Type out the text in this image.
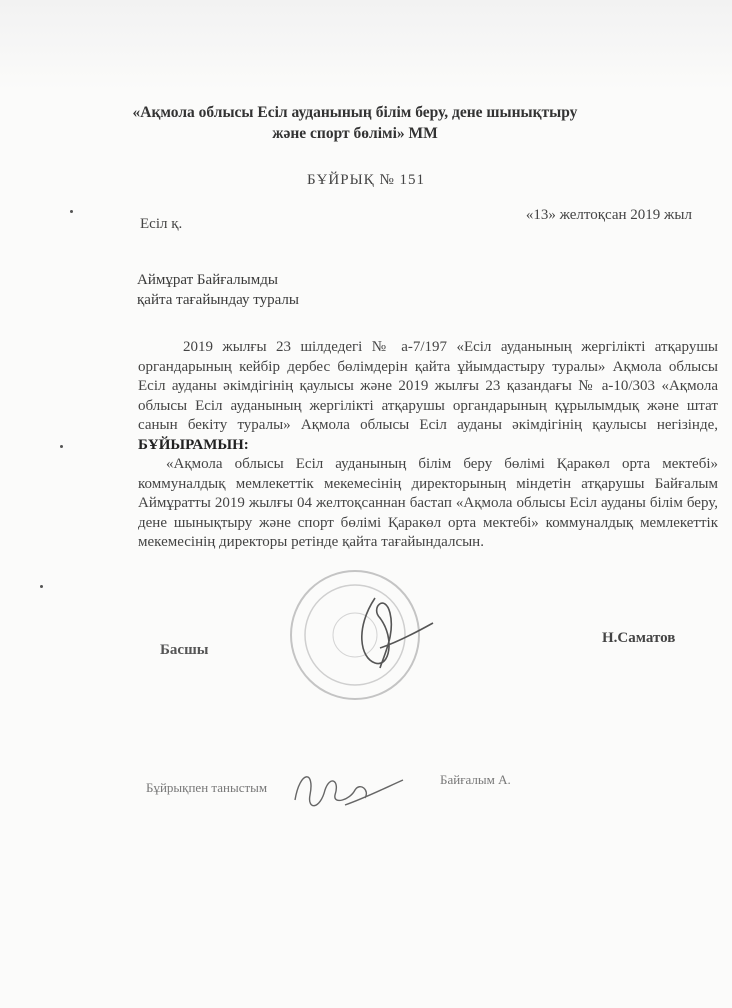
«Ақмола облысы Есіл ауданының білім беру, дене шынықтыру және спорт бөлімі» ММ
БҰЙРЫҚ № 151
Есіл қ.
«13» желтоқсан 2019 жыл
Аймұрат Байғалымды
қайта тағайындау туралы

2019 жылғы 23 шілдедегі № а-7/197 «Есіл ауданының жергілікті атқарушы органдарының кейбір дербес бөлімдерін қайта ұйымдастыру туралы» Ақмола облысы Есіл ауданы әкімдігінің қаулысы және 2019 жылғы 23 қазандағы № а-10/303 «Ақмола облысы Есіл ауданының жергілікті атқарушы органдарының құрылымдық және штат санын бекіту туралы» Ақмола облысы Есіл ауданы әкімдігінің қаулысы негізінде, БҰЙЫРАМЫН:

«Ақмола облысы Есіл ауданының білім беру бөлімі Қаракөл орта мектебі» коммуналдық мемлекеттік мекемесінің директорының міндетін атқарушы Байғалым Аймұратты 2019 жылғы 04 желтоқсаннан бастап «Ақмола облысы Есіл ауданы білім беру, дене шынықтыру және спорт бөлімі Қаракөл орта мектебі» коммуналдық мемлекеттік мекемесінің директоры ретінде қайта тағайындалсын.

Басшы
Н.Саматов
Бұйрықпен таныстым
Байғалым А.
